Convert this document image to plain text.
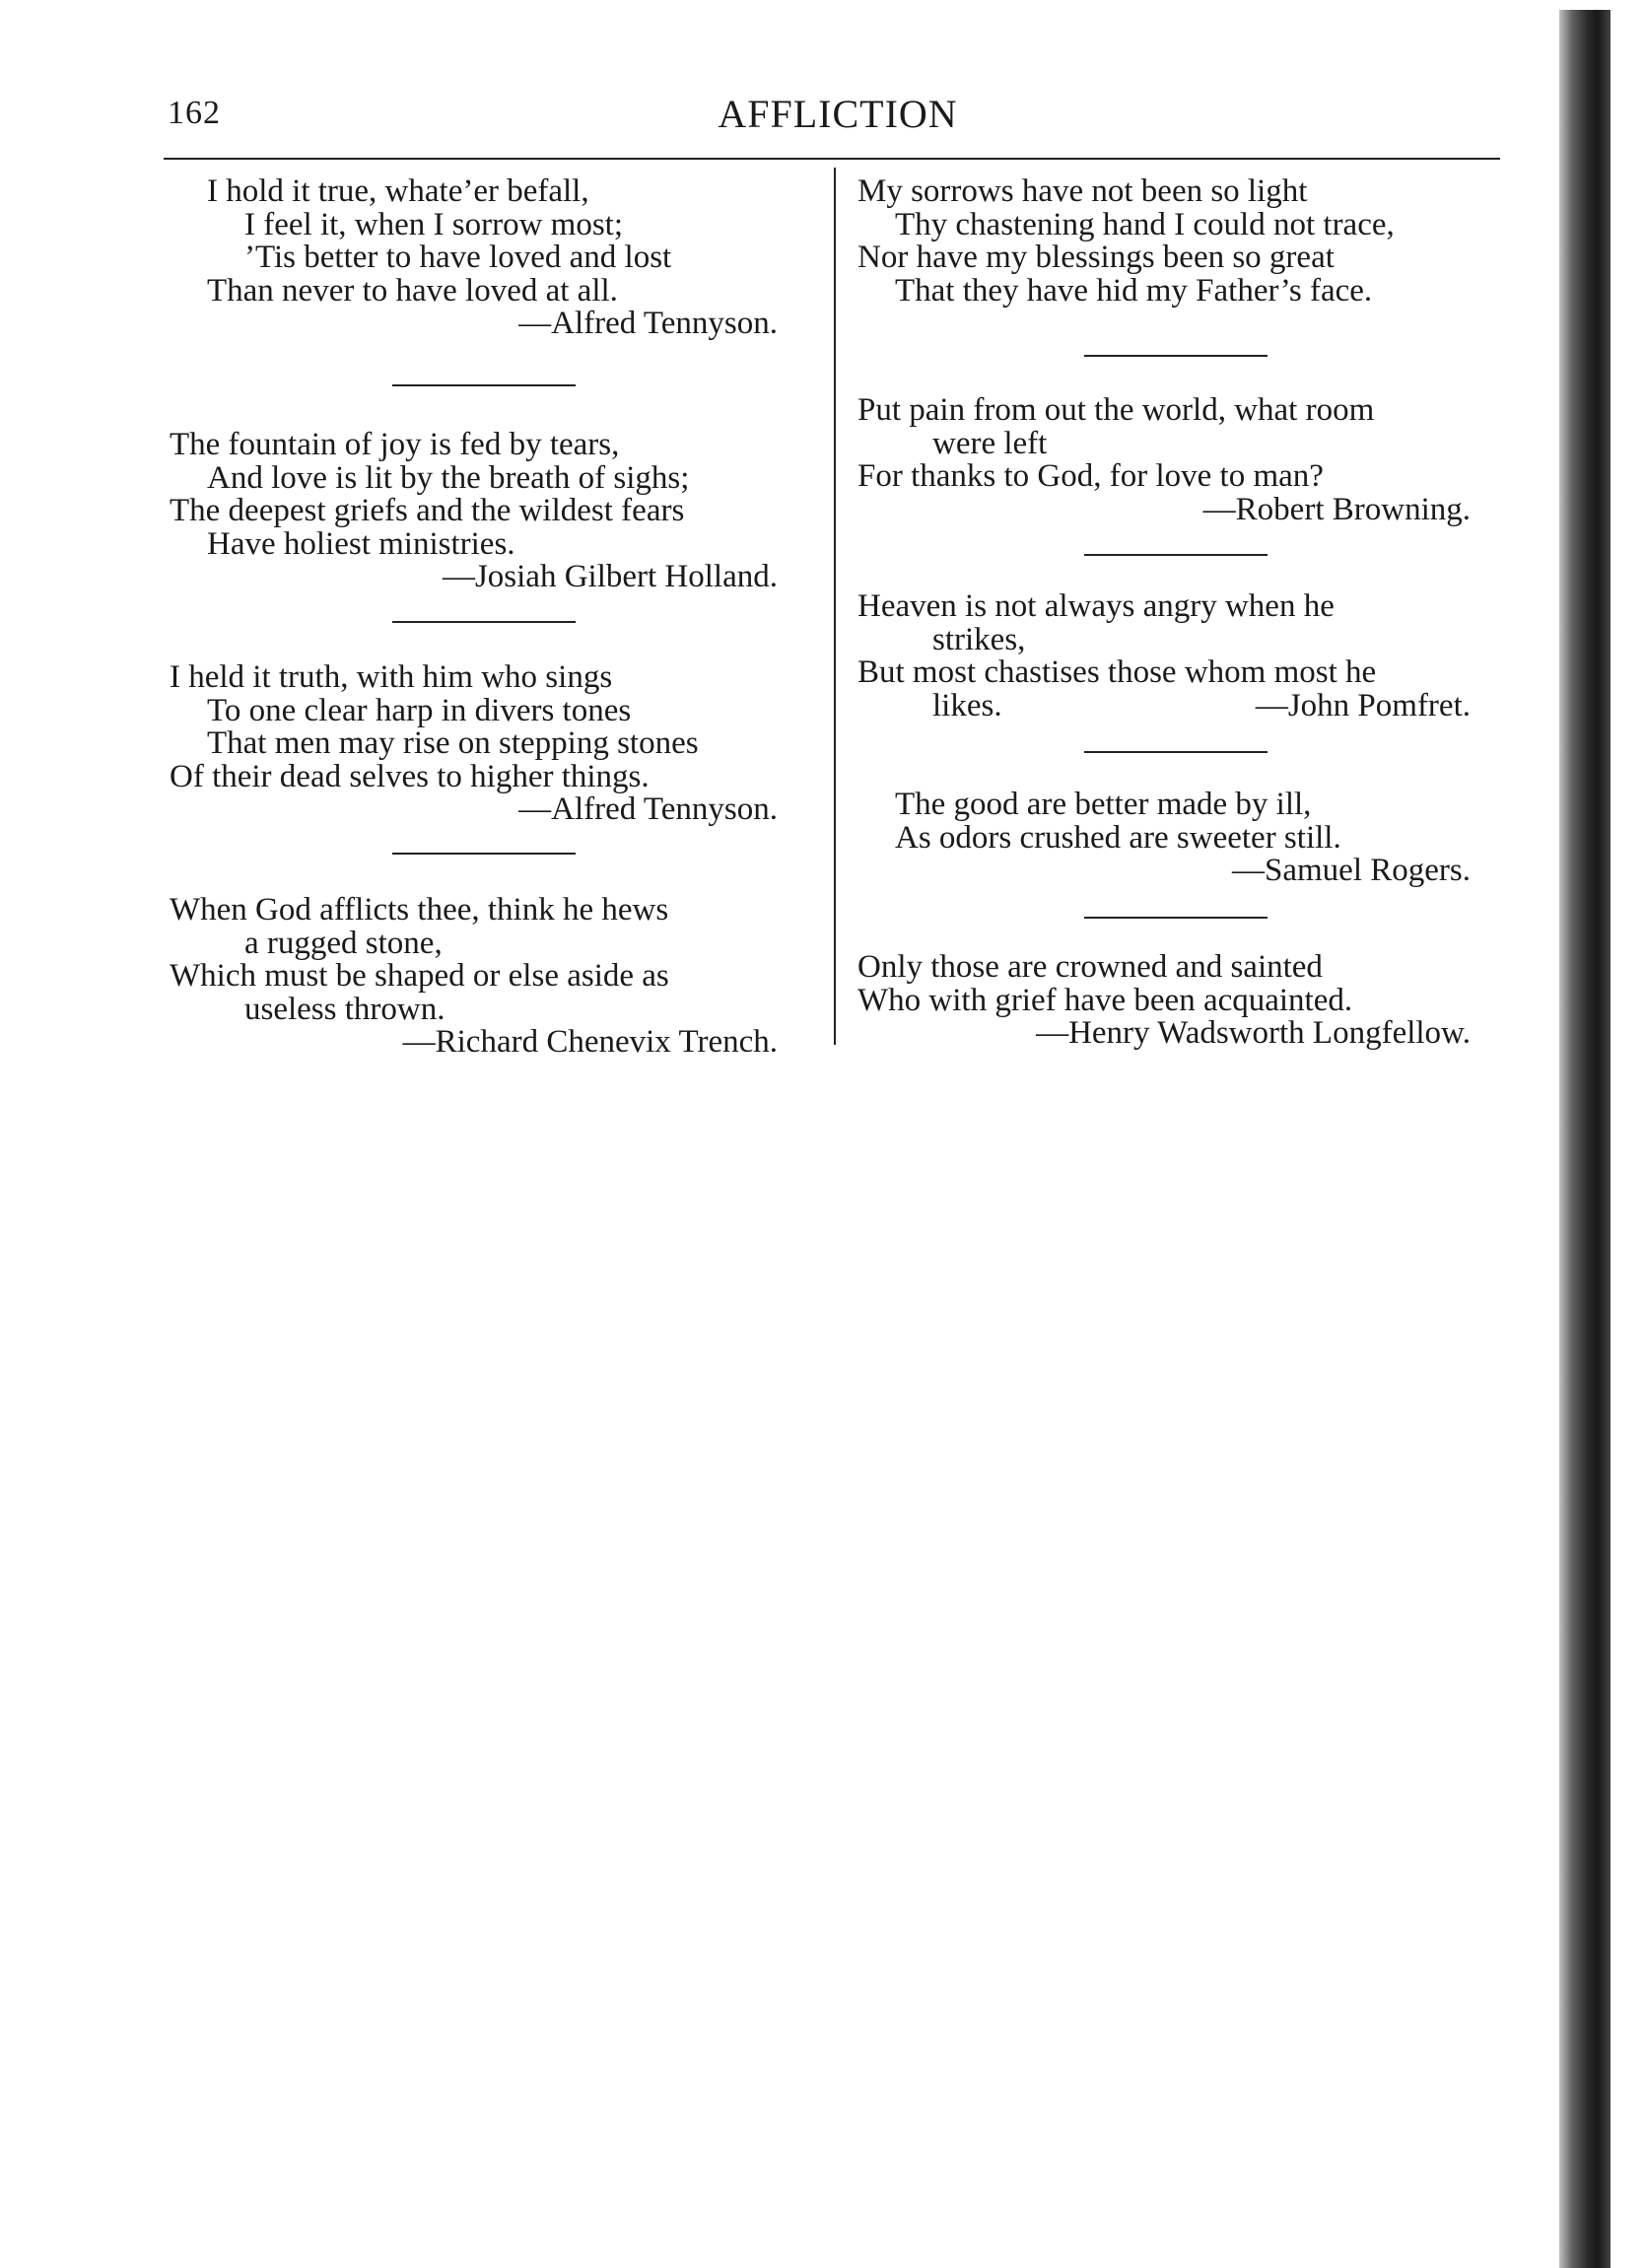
162	AFFLICTION
I hold it true, whate’er befall,
I feel it, when I sorrow most;
’Tis better to have loved and lost
Than never to have loved at all.
—Alfred Tennyson.
The fountain of joy is fed by tears,
And love is lit by the breath of sighs;
The deepest griefs and the wildest fears
Have holiest ministries.
—Josiah Gilbert Holland.
I held it truth, with him who sings
To one clear harp in divers tones
That men may rise on stepping stones
Of their dead selves to higher things.
—Alfred Tennyson.
When God afflicts thee, think he hews
a rugged stone,
Which must be shaped or else aside as
useless thrown.
—Richard Chenevix Trench.
My sorrows have not been so light
Thy chastening hand I could not trace,
Nor have my blessings been so great
That they have hid my Father’s face.
Put pain from out the world, what room
were left
For thanks to God, for love to man?
—Robert Browning.
Heaven is not always angry when he
strikes,
But most chastises those whom most he
likes.	—John Pomfret.
The good are better made by ill,
As odors crushed are sweeter still.
—Samuel Rogers.
Only those are crowned and sainted
Who with grief have been acquainted.
—Henry Wadsworth Longfellow.
